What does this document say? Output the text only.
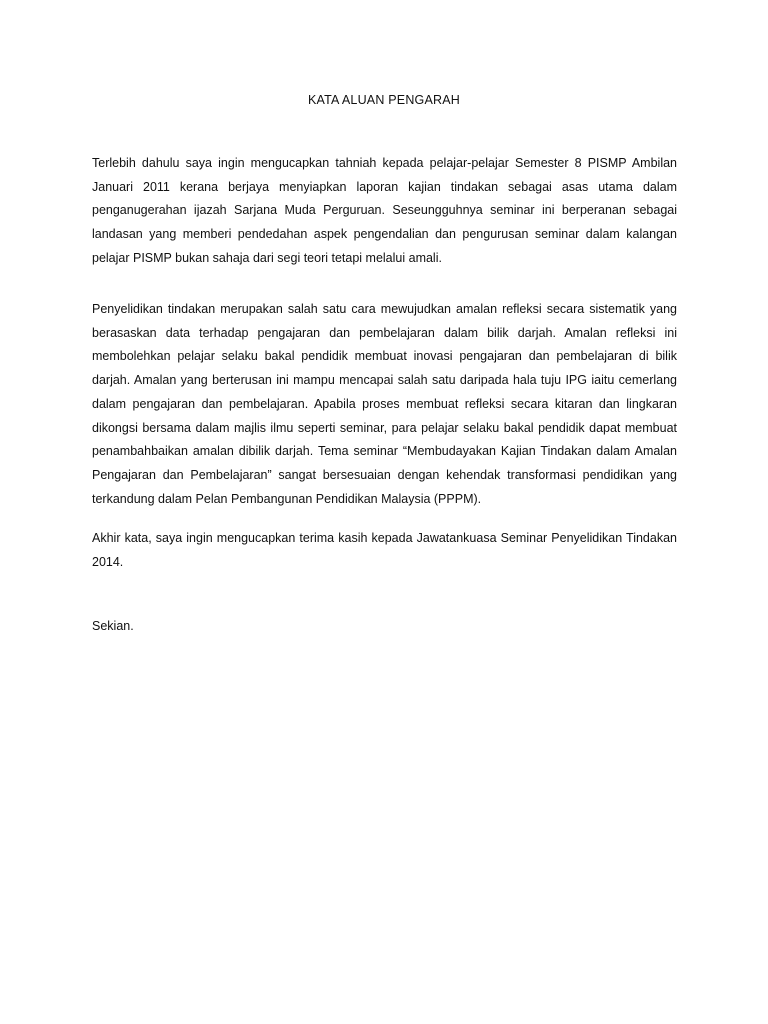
KATA ALUAN PENGARAH

Terlebih dahulu saya ingin mengucapkan tahniah kepada pelajar-pelajar Semester 8 PISMP Ambilan Januari 2011 kerana berjaya menyiapkan laporan kajian tindakan sebagai asas utama dalam penganugerahan ijazah Sarjana Muda Perguruan. Seseungguhnya seminar ini berperanan sebagai landasan yang memberi pendedahan aspek pengendalian dan pengurusan seminar dalam kalangan pelajar PISMP bukan sahaja dari segi teori tetapi melalui amali.

Penyelidikan tindakan merupakan salah satu cara mewujudkan amalan refleksi secara sistematik yang berasaskan data terhadap pengajaran dan pembelajaran dalam bilik darjah. Amalan refleksi ini membolehkan pelajar selaku bakal pendidik membuat inovasi pengajaran dan pembelajaran di bilik darjah. Amalan yang berterusan ini mampu mencapai salah satu daripada hala tuju IPG iaitu cemerlang dalam pengajaran dan pembelajaran. Apabila proses membuat refleksi secara kitaran dan lingkaran dikongsi bersama dalam majlis ilmu seperti seminar, para pelajar selaku bakal pendidik dapat membuat penambahbaikan amalan dibilik darjah. Tema seminar “Membudayakan Kajian Tindakan dalam Amalan Pengajaran dan Pembelajaran” sangat bersesuaian dengan kehendak transformasi pendidikan yang terkandung dalam Pelan Pembangunan Pendidikan Malaysia (PPPM).

Akhir kata, saya ingin mengucapkan terima kasih kepada Jawatankuasa Seminar Penyelidikan Tindakan 2014.

Sekian.
